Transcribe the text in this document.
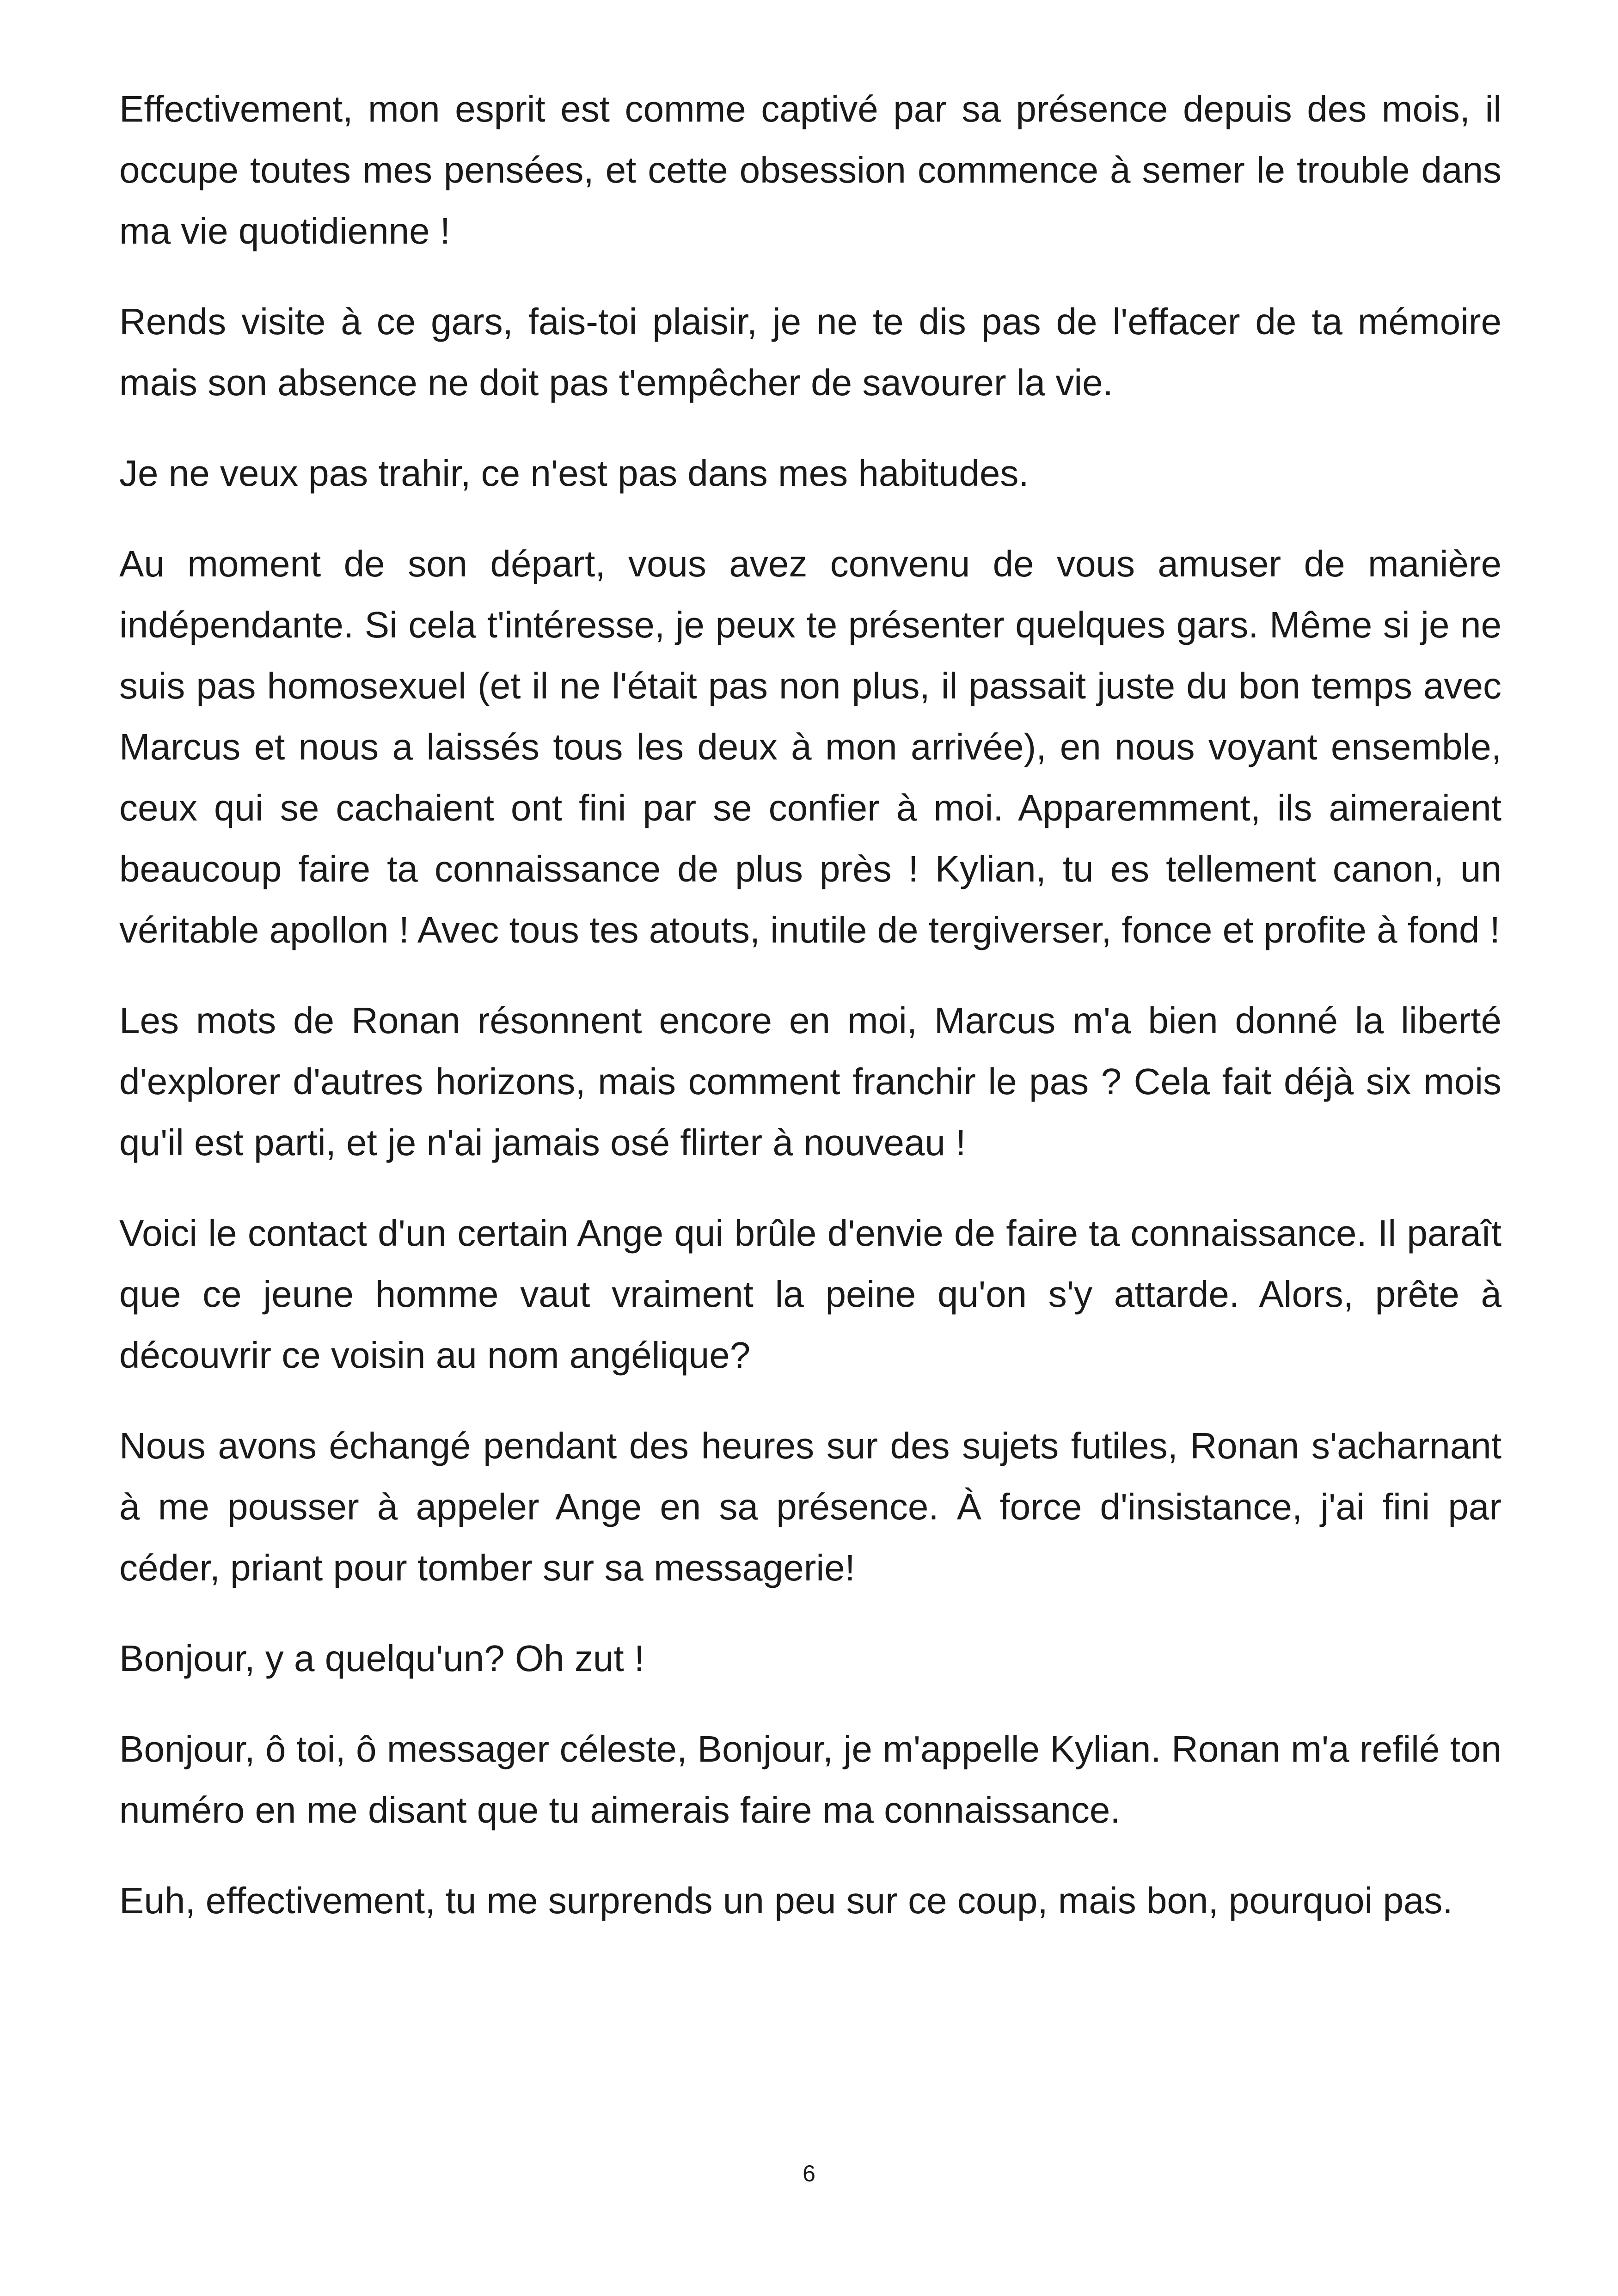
Effectivement, mon esprit est comme captivé par sa présence depuis des mois, il occupe toutes mes pensées, et cette obsession commence à semer le trouble dans ma vie quotidienne !

Rends visite à ce gars, fais-toi plaisir, je ne te dis pas de l'effacer de ta mémoire mais son absence ne doit pas t'empêcher de savourer la vie.

Je ne veux pas trahir, ce n'est pas dans mes habitudes.

Au moment de son départ, vous avez convenu de vous amuser de manière indépendante. Si cela t'intéresse, je peux te présenter quelques gars. Même si je ne suis pas homosexuel (et il ne l'était pas non plus, il passait juste du bon temps avec Marcus et nous a laissés tous les deux à mon arrivée), en nous voyant ensemble, ceux qui se cachaient ont fini par se confier à moi. Apparemment, ils aimeraient beaucoup faire ta connaissance de plus près ! Kylian, tu es tellement canon, un véritable apollon ! Avec tous tes atouts, inutile de tergiverser, fonce et profite à fond !

Les mots de Ronan résonnent encore en moi, Marcus m'a bien donné la liberté d'explorer d'autres horizons, mais comment franchir le pas ? Cela fait déjà six mois qu'il est parti, et je n'ai jamais osé flirter à nouveau !

Voici le contact d'un certain Ange qui brûle d'envie de faire ta connaissance. Il paraît que ce jeune homme vaut vraiment la peine qu'on s'y attarde. Alors, prête à découvrir ce voisin au nom angélique?

Nous avons échangé pendant des heures sur des sujets futiles, Ronan s'acharnant à me pousser à appeler Ange en sa présence. À force d'insistance, j'ai fini par céder, priant pour tomber sur sa messagerie!

Bonjour, y a quelqu'un? Oh zut !

Bonjour, ô toi, ô messager céleste, Bonjour, je m'appelle Kylian. Ronan m'a refilé ton numéro en me disant que tu aimerais faire ma connaissance.

Euh, effectivement, tu me surprends un peu sur ce coup, mais bon, pourquoi pas.

6
